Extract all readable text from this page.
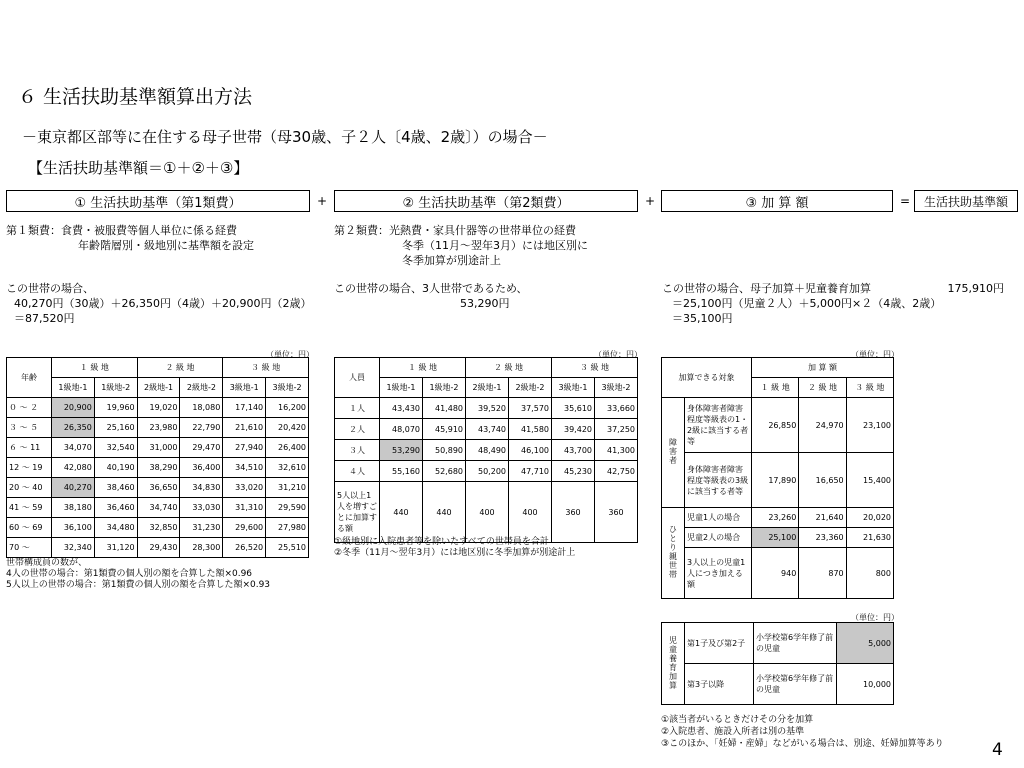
６ 生活扶助基準額算出方法
－東京都区部等に在住する母子世帯（母30歳、子２人〔4歳、2歳〕）の場合－
【生活扶助基準額＝①＋②＋③】
① 生活扶助基準（第1類費）	+	② 生活扶助基準（第2類費）	+	③ 加 算 額	=	生活扶助基準額
第１類費：食費・被服費等個人単位に係る経費
年齢階層別・級地別に基準額を設定
第２類費：光熱費・家具什器等の世帯単位の経費
冬季（11月～翌年3月）には地区別に
冬季加算が別途計上
この世帯の場合、
40,270円（30歳）＋26,350円（4歳）＋20,900円（2歳）
＝87,520円
この世帯の場合、3人世帯であるため、
53,290円
この世帯の場合、母子加算＋児童養育加算	175,910円
＝25,100円（児童２人）＋5,000円×２（4歳、2歳）
＝35,100円
（単位：円）
年齢	１ 級 地		２ 級 地		３ 級 地	
	1級地-1	1級地-2	2級地-1	2級地-2	3級地-1	3級地-2
０ ～ ２	20,900	19,960	19,020	18,080	17,140	16,200
３ ～ ５	26,350	25,160	23,980	22,790	21,610	20,420
６ ～ 11	34,070	32,540	31,000	29,470	27,940	26,400
12 ～ 19	42,080	40,190	38,290	36,400	34,510	32,610
20 ～ 40	40,270	38,460	36,650	34,830	33,020	31,210
41 ～ 59	38,180	36,460	34,740	33,030	31,310	29,590
60 ～ 69	36,100	34,480	32,850	31,230	29,600	27,980
70 ～	32,340	31,120	29,430	28,300	26,520	25,510
世帯構成員の数が、
4人の世帯の場合：第1類費の個人別の額を合算した額×0.96
5人以上の世帯の場合：第1類費の個人別の額を合算した額×0.93
（単位：円）
人員	１ 級 地		２ 級 地		３ 級 地	
	1級地-1	1級地-2	2級地-1	2級地-2	3級地-1	3級地-2
１人	43,430	41,480	39,520	37,570	35,610	33,660
２人	48,070	45,910	43,740	41,580	39,420	37,250
３人	53,290	50,890	48,490	46,100	43,700	41,300
４人	55,160	52,680	50,200	47,710	45,230	42,750
5人以上1人を増すごとに加算する額	440	440	400	400	360	360
①級地別に入院患者等を除いたすべての世帯員を合計
②冬季（11月～翌年3月）には地区別に冬季加算が別途計上
（単位：円）
加算できる対象		加 算 額		
		１ 級 地	２ 級 地	３ 級 地
障害者	身体障害者障害程度等級表の1・2級に該当する者等	26,850	24,970	23,100
	身体障害者障害程度等級表の3級に該当する者等	17,890	16,650	15,400
ひとり親世帯	児童1人の場合	23,260	21,640	20,020
	児童2人の場合	25,100	23,360	21,630
	3人以上の児童1人につき加える額	940	870	800
（単位：円）
児童養育加算	第1子及び第2子	小学校第6学年修了前の児童	5,000
	第3子以降	小学校第6学年修了前の児童	10,000
①該当者がいるときだけその分を加算
②入院患者、施設入所者は別の基準
③このほか、「妊婦・産婦」などがいる場合は、別途、妊婦加算等あり	4
